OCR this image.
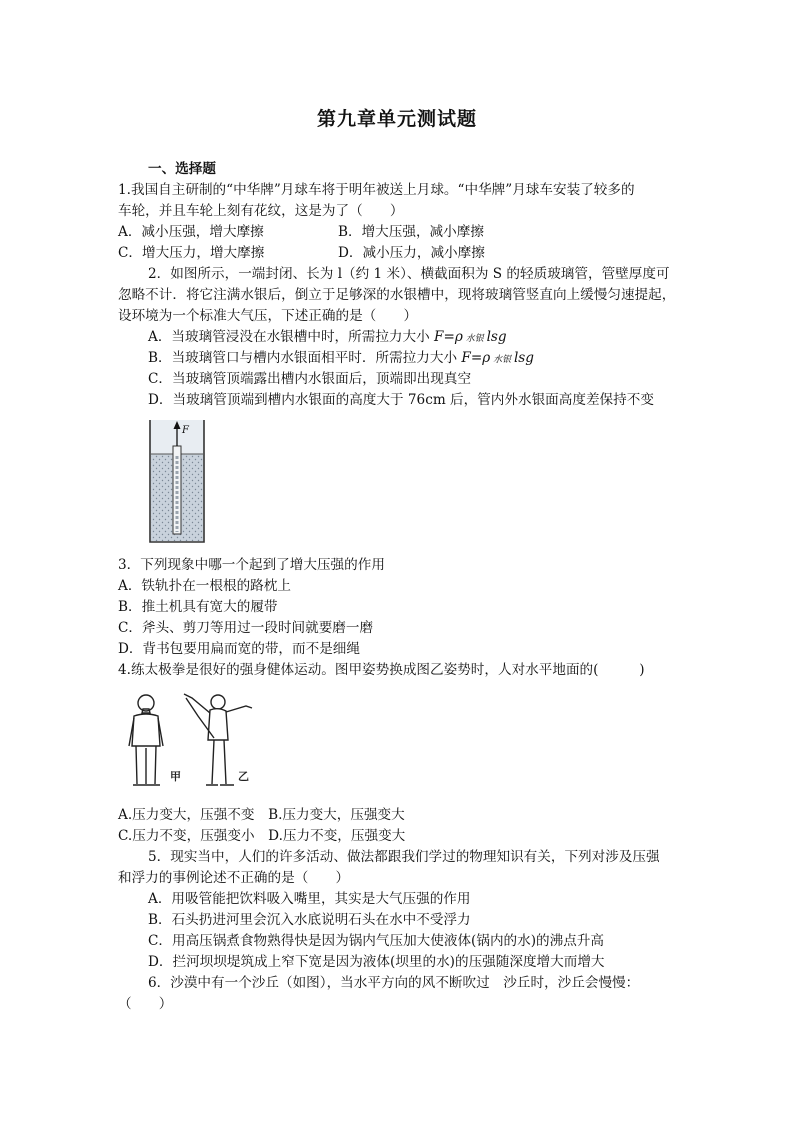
第九章单元测试题
一、选择题
1.我国自主研制的“中华牌”月球车将于明年被送上月球。“中华牌”月球车安装了较多的
车轮，并且车轮上刻有花纹，这是为了（　　）
A．减小压强，增大摩擦	B．增大压强，减小摩擦
C．增大压力，增大摩擦	D．减小压力，减小摩擦
2．如图所示，一端封闭、长为 l（约 1 米）、横截面积为 S 的轻质玻璃管，管壁厚度可
忽略不计．将它注满水银后，倒立于足够深的水银槽中，现将玻璃管竖直向上缓慢匀速提起，
设环境为一个标准大气压，下述正确的是（　　）
A．当玻璃管浸没在水银槽中时，所需拉力大小 F=ρ 水银 lsg
B．当玻璃管口与槽内水银面相平时．所需拉力大小 F=ρ 水银 lsg
C．当玻璃管顶端露出槽内水银面后，顶端即出现真空
D．当玻璃管顶端到槽内水银面的高度大于 76cm 后，管内外水银面高度差保持不变
F
3．下列现象中哪一个起到了增大压强的作用
A．铁轨扑在一根根的路枕上
B．推土机具有宽大的履带
C．斧头、剪刀等用过一段时间就要磨一磨
D．背书包要用扁而宽的带，而不是细绳
4.练太极拳是很好的强身健体运动。图甲姿势换成图乙姿势时，人对水平地面的(　　　)
甲	乙
A.压力变大，压强不变　B.压力变大，压强变大
C.压力不变，压强变小　D.压力不变，压强变大
5．现实当中，人们的许多活动、做法都跟我们学过的物理知识有关，下列对涉及压强
和浮力的事例论述不正确的是（　　）
A．用吸管能把饮料吸入嘴里，其实是大气压强的作用
B．石头扔进河里会沉入水底说明石头在水中不受浮力
C．用高压锅煮食物熟得快是因为锅内气压加大使液体(锅内的水)的沸点升高
D．拦河坝坝堤筑成上窄下宽是因为液体(坝里的水)的压强随深度增大而增大
6．沙漠中有一个沙丘（如图），当水平方向的风不断吹过　沙丘时，沙丘会慢慢：
（　　）
